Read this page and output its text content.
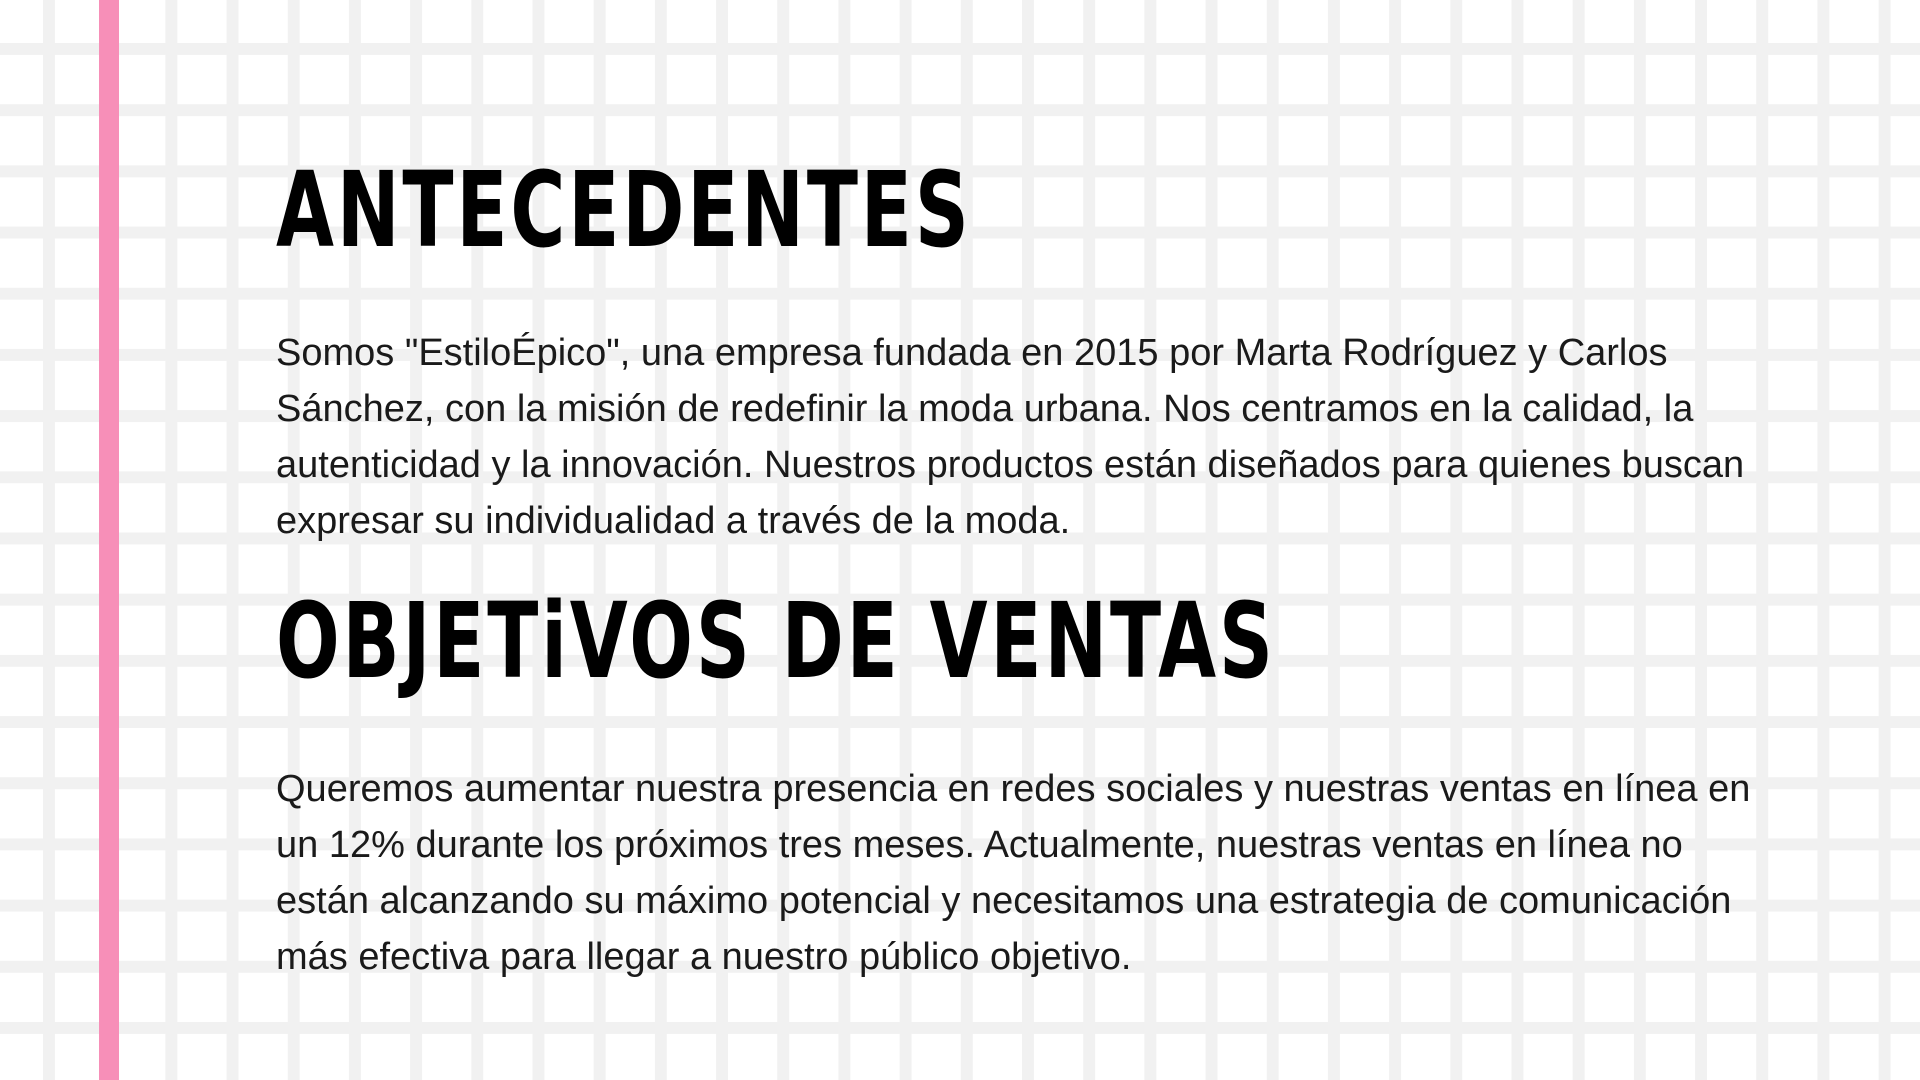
ANTECEDENTES

Somos "EstiloÉpico", una empresa fundada en 2015 por Marta Rodríguez y Carlos Sánchez, con la misión de redefinir la moda urbana. Nos centramos en la calidad, la autenticidad y la innovación. Nuestros productos están diseñados para quienes buscan expresar su individualidad a través de la moda.

OBJETiVOS DE VENTAS

Queremos aumentar nuestra presencia en redes sociales y nuestras ventas en línea en un 12% durante los próximos tres meses. Actualmente, nuestras ventas en línea no están alcanzando su máximo potencial y necesitamos una estrategia de comunicación más efectiva para llegar a nuestro público objetivo.
